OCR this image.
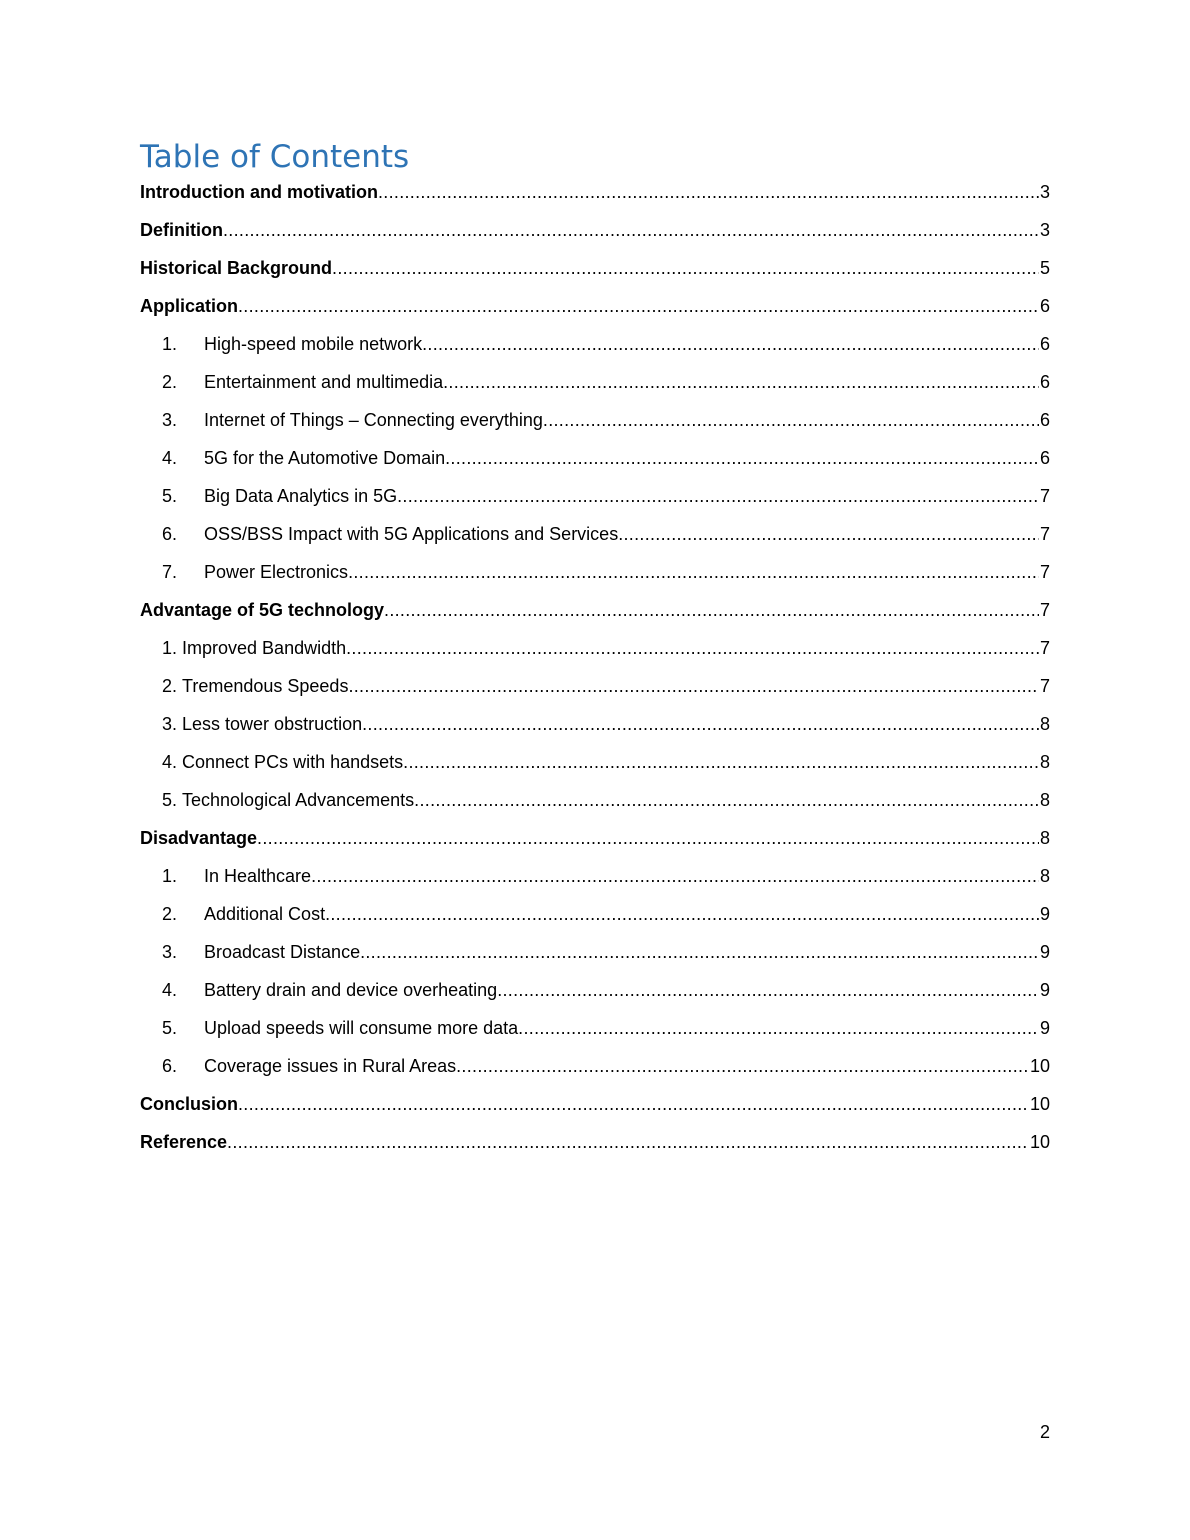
Table of Contents
Introduction and motivation .....	3
Definition .....	3
Historical Background .....	5
Application .....	6
1.	High-speed mobile network .....	6
2.	Entertainment and multimedia .....	6
3.	Internet of Things – Connecting everything .....	6
4.	5G for the Automotive Domain .....	6
5.	Big Data Analytics in 5G .....	7
6.	OSS/BSS Impact with 5G Applications and Services .....	7
7.	Power Electronics .....	7
Advantage of 5G technology .....	7
1. Improved Bandwidth .....	7
2. Tremendous Speeds .....	7
3. Less tower obstruction .....	8
4. Connect PCs with handsets .....	8
5. Technological Advancements .....	8
Disadvantage .....	8
1.	In Healthcare .....	8
2.	Additional Cost .....	9
3.	Broadcast Distance .....	9
4.	Battery drain and device overheating .....	9
5.	Upload speeds will consume more data .....	9
6.	Coverage issues in Rural Areas .....	10
Conclusion .....	10
Reference .....	10
2
